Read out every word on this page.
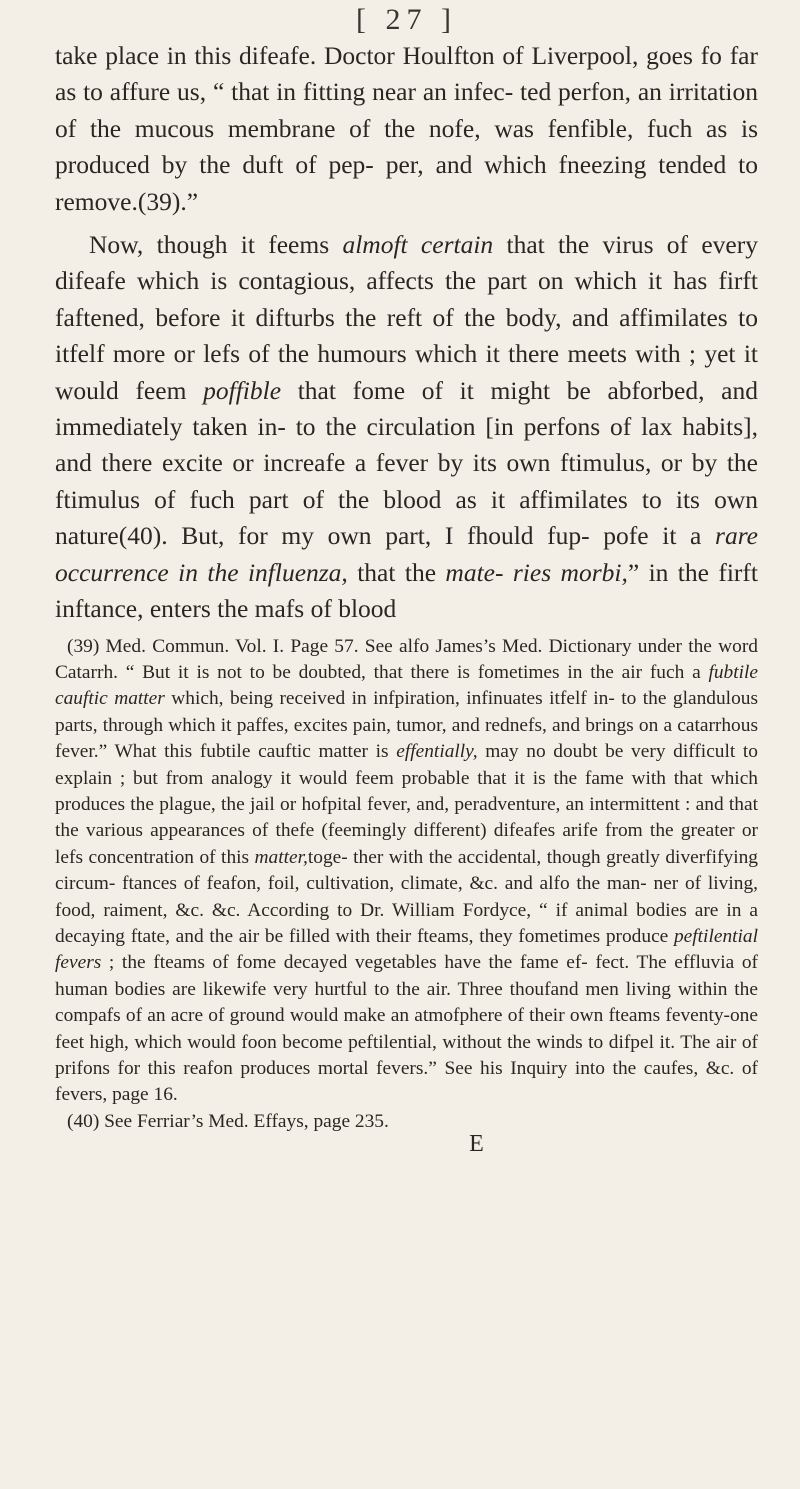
[ 27 ]

take place in this difeafe. Doctor Houlfton of Liverpool, goes fo far as to affure us, “ that in fitting near an infec- ted perfon, an irritation of the mucous membrane of the nofe, was fenfible, fuch as is produced by the duft of pep- per, and which fneezing tended to remove.(39).”

Now, though it feems almoft certain that the virus of every difeafe which is contagious, affects the part on which it has firft faftened, before it difturbs the reft of the body, and affimilates to itfelf more or lefs of the humours which it there meets with ; yet it would feem poffible that fome of it might be abforbed, and immediately taken in- to the circulation [in perfons of lax habits], and there excite or increafe a fever by its own ftimulus, or by the ftimulus of fuch part of the blood as it affimilates to its own nature(40). But, for my own part, I fhould fup- pofe it a rare occurrence in the influenza, that the mate- ries morbi,” in the firft inftance, enters the mafs of blood

(39) Med. Commun. Vol. I. Page 57. See alfo James’s Med. Dictionary under the word Catarrh. “ But it is not to be doubted, that there is fometimes in the air fuch a fubtile cauftic matter which, being received in infpiration, infinuates itfelf in- to the glandulous parts, through which it paffes, excites pain, tumor, and rednefs, and brings on a catarrhous fever.” What this fubtile cauftic matter is effentially, may no doubt be very difficult to explain ; but from analogy it would feem probable that it is the fame with that which produces the plague, the jail or hofpital fever, and, peradventure, an intermittent : and that the various appearances of thefe (feemingly different) difeafes arife from the greater or lefs concentration of this matter,toge- ther with the accidental, though greatly diverfifying circum- ftances of feafon, foil, cultivation, climate, &c. and alfo the man- ner of living, food, raiment, &c. &c. According to Dr. William Fordyce, “ if animal bodies are in a decaying ftate, and the air be filled with their fteams, they fometimes produce peftilential fevers ; the fteams of fome decayed vegetables have the fame ef- fect. The effluvia of human bodies are likewife very hurtful to the air. Three thoufand men living within the compafs of an acre of ground would make an atmofphere of their own fteams feventy-one feet high, which would foon become peftilential, without the winds to difpel it. The air of prifons for this reafon produces mortal fevers.” See his Inquiry into the caufes, &c. of fevers, page 16.

(40) See Ferriar’s Med. Effays, page 235.

E
